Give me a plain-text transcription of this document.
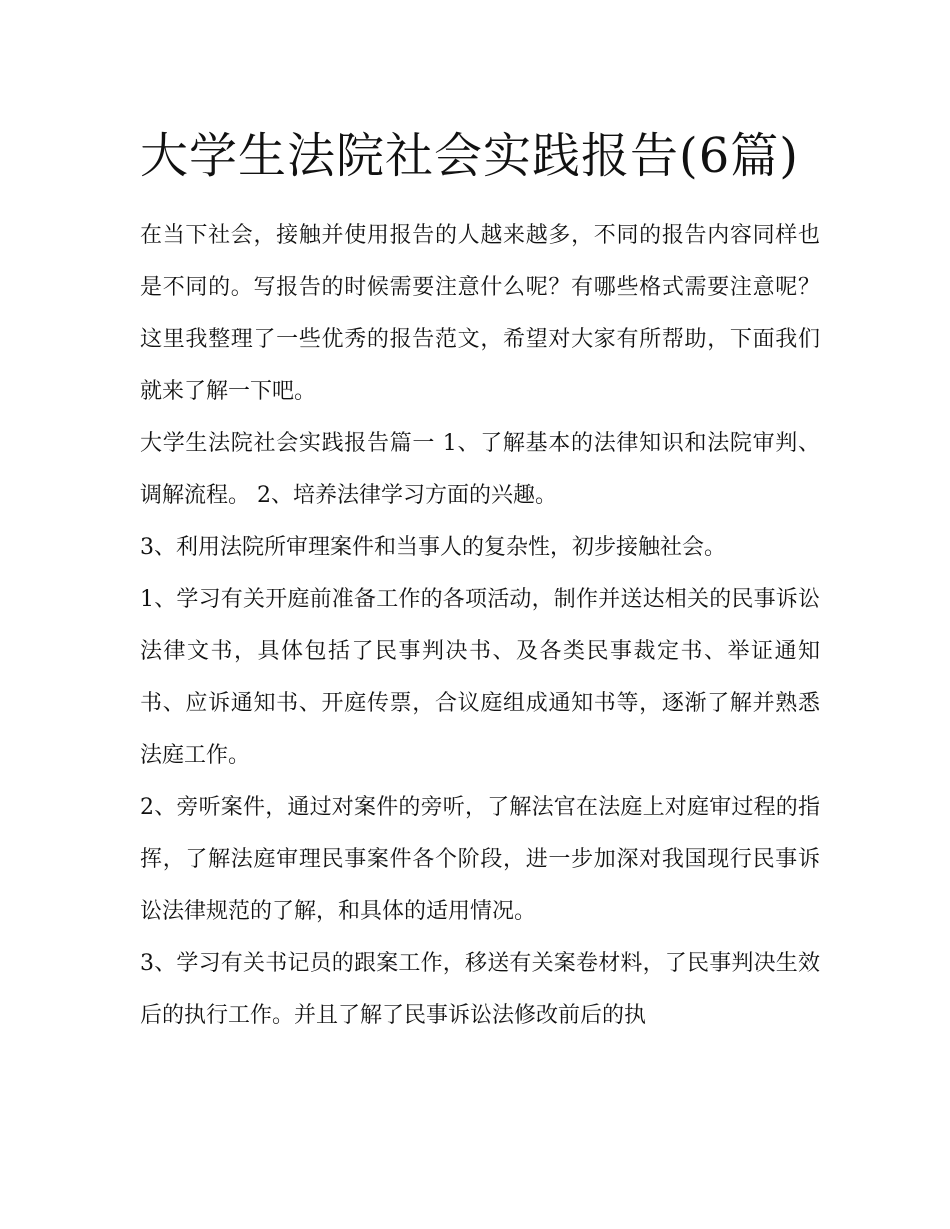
大学生法院社会实践报告(6篇)

在当下社会，接触并使用报告的人越来越多，不同的报告内容同样也是不同的。写报告的时候需要注意什么呢？有哪些格式需要注意呢？这里我整理了一些优秀的报告范文，希望对大家有所帮助，下面我们就来了解一下吧。

大学生法院社会实践报告篇一 1、了解基本的法律知识和法院审判、调解流程。 2、培养法律学习方面的兴趣。

3、利用法院所审理案件和当事人的复杂性，初步接触社会。

1、学习有关开庭前准备工作的各项活动，制作并送达相关的民事诉讼法律文书，具体包括了民事判决书、及各类民事裁定书、举证通知书、应诉通知书、开庭传票，合议庭组成通知书等，逐渐了解并熟悉法庭工作。

2、旁听案件，通过对案件的旁听，了解法官在法庭上对庭审过程的指挥，了解法庭审理民事案件各个阶段，进一步加深对我国现行民事诉讼法律规范的了解，和具体的适用情况。

3、学习有关书记员的跟案工作，移送有关案卷材料，了民事判决生效后的执行工作。并且了解了民事诉讼法修改前后的执
